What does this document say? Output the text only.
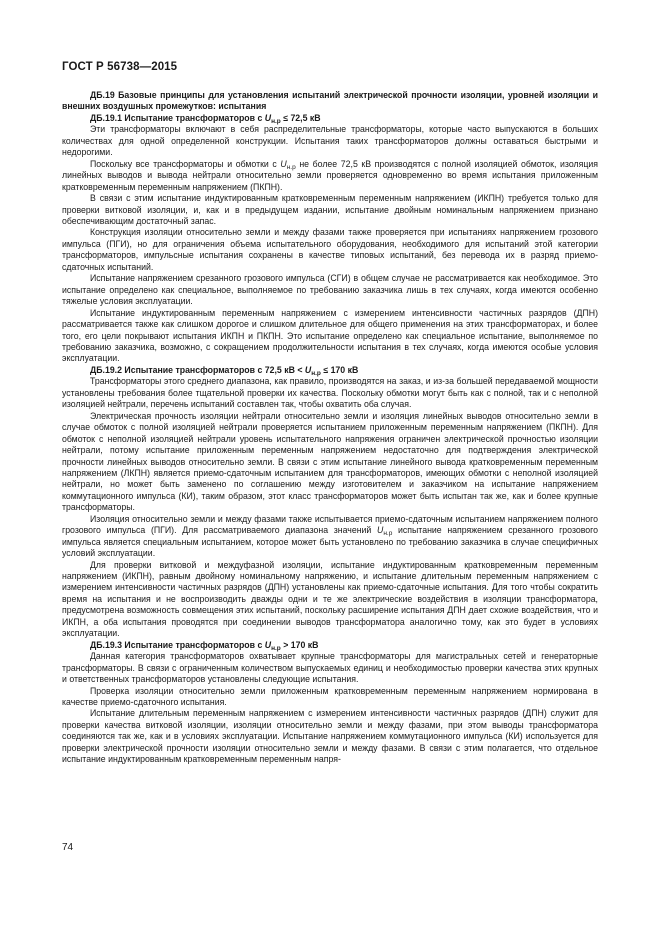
ГОСТ Р 56738—2015

ДБ.19 Базовые принципы для установления испытаний электрической прочности изоляции, уровней изоляции и внешних воздушных промежутков: испытания

ДБ.19.1 Испытание трансформаторов с $U_{н.р} \le 72,5$ кВ

Эти трансформаторы включают в себя распределительные трансформаторы, которые часто выпускаются в больших количествах для одной определенной конструкции. Испытания таких трансформаторов должны оставаться быстрыми и недорогими.

Поскольку все трансформаторы и обмотки с $U_{н.р}$ не более 72,5 кВ производятся с полной изоляцией обмоток, изоляция линейных выводов и вывода нейтрали относительно земли проверяется одновременно во время испытания приложенным кратковременным переменным напряжением (ПКПН).

В связи с этим испытание индуктированным кратковременным переменным напряжением (ИКПН) требуется только для проверки витковой изоляции, и, как и в предыдущем издании, испытание двойным номинальным напряжением признано обеспечивающим достаточный запас.

Конструкция изоляции относительно земли и между фазами также проверяется при испытаниях напряжением грозового импульса (ПГИ), но для ограничения объема испытательного оборудования, необходимого для испытаний этой категории трансформаторов, импульсные испытания сохранены в качестве типовых испытаний, без перевода их в разряд приемо-сдаточных испытаний.

Испытание напряжением срезанного грозового импульса (СГИ) в общем случае не рассматривается как необходимое. Это испытание определено как специальное, выполняемое по требованию заказчика лишь в тех случаях, когда имеются особенно тяжелые условия эксплуатации.

Испытание индуктированным переменным напряжением с измерением интенсивности частичных разрядов (ДПН) рассматривается также как слишком дорогое и слишком длительное для общего применения на этих трансформаторах, и более того, его цели покрывают испытания ИКПН и ПКПН. Это испытание определено как специальное испытание, выполняемое по требованию заказчика, возможно, с сокращением продолжительности испытания в тех случаях, когда имеются особые условия эксплуатации.

ДБ.19.2 Испытание трансформаторов с 72,5 кВ < $U_{н.р} \le 170$ кВ

Трансформаторы этого среднего диапазона, как правило, производятся на заказ, и из-за большей передаваемой мощности установлены требования более тщательной проверки их качества. Поскольку обмотки могут быть как с полной, так и с неполной изоляцией нейтрали, перечень испытаний составлен так, чтобы охватить оба случая.

Электрическая прочность изоляции нейтрали относительно земли и изоляция линейных выводов относительно земли в случае обмоток с полной изоляцией нейтрали проверяется испытанием приложенным переменным напряжением (ПКПН). Для обмоток с неполной изоляцией нейтрали уровень испытательного напряжения ограничен электрической прочностью изоляции нейтрали, потому испытание приложенным переменным напряжением недостаточно для подтверждения электрической прочности линейных выводов относительно земли. В связи с этим испытание линейного вывода кратковременным переменным напряжением (ЛКПН) является приемо-сдаточным испытанием для трансформаторов, имеющих обмотки с неполной изоляцией нейтрали, но может быть заменено по соглашению между изготовителем и заказчиком на испытание напряжением коммутационного импульса (КИ), таким образом, этот класс трансформаторов может быть испытан так же, как и более крупные трансформаторы.

Изоляция относительно земли и между фазами также испытывается приемо-сдаточным испытанием напряжением полного грозового импульса (ПГИ). Для рассматриваемого диапазона значений $U_{н.р}$ испытание напряжением срезанного грозового импульса является специальным испытанием, которое может быть установлено по требованию заказчика в случае специфичных условий эксплуатации.

Для проверки витковой и междуфазной изоляции, испытание индуктированным кратковременным переменным напряжением (ИКПН), равным двойному номинальному напряжению, и испытание длительным переменным напряжением с измерением интенсивности частичных разрядов (ДПН) установлены как приемо-сдаточные испытания. Для того чтобы сократить время на испытания и не воспроизводить дважды одни и те же электрические воздействия в изоляции трансформатора, предусмотрена возможность совмещения этих испытаний, поскольку расширение испытания ДПН дает схожие воздействия, что и ИКПН, а оба испытания проводятся при соединении выводов трансформатора аналогично тому, как это будет в условиях эксплуатации.

ДБ.19.3 Испытание трансформаторов с $U_{н.р} > 170$ кВ

Данная категория трансформаторов охватывает крупные трансформаторы для магистральных сетей и генераторные трансформаторы. В связи с ограниченным количеством выпускаемых единиц и необходимостью проверки качества этих крупных и ответственных трансформаторов установлены следующие испытания.

Проверка изоляции относительно земли приложенным кратковременным переменным напряжением нормирована в качестве приемо-сдаточного испытания.

Испытание длительным переменным напряжением с измерением интенсивности частичных разрядов (ДПН) служит для проверки качества витковой изоляции, изоляции относительно земли и между фазами, при этом выводы трансформатора соединяются так же, как и в условиях эксплуатации. Испытание напряжением коммутационного импульса (КИ) используется для проверки электрической прочности изоляции относительно земли и между фазами. В связи с этим полагается, что отдельное испытание индуктированным кратковременным переменным напря-

74
